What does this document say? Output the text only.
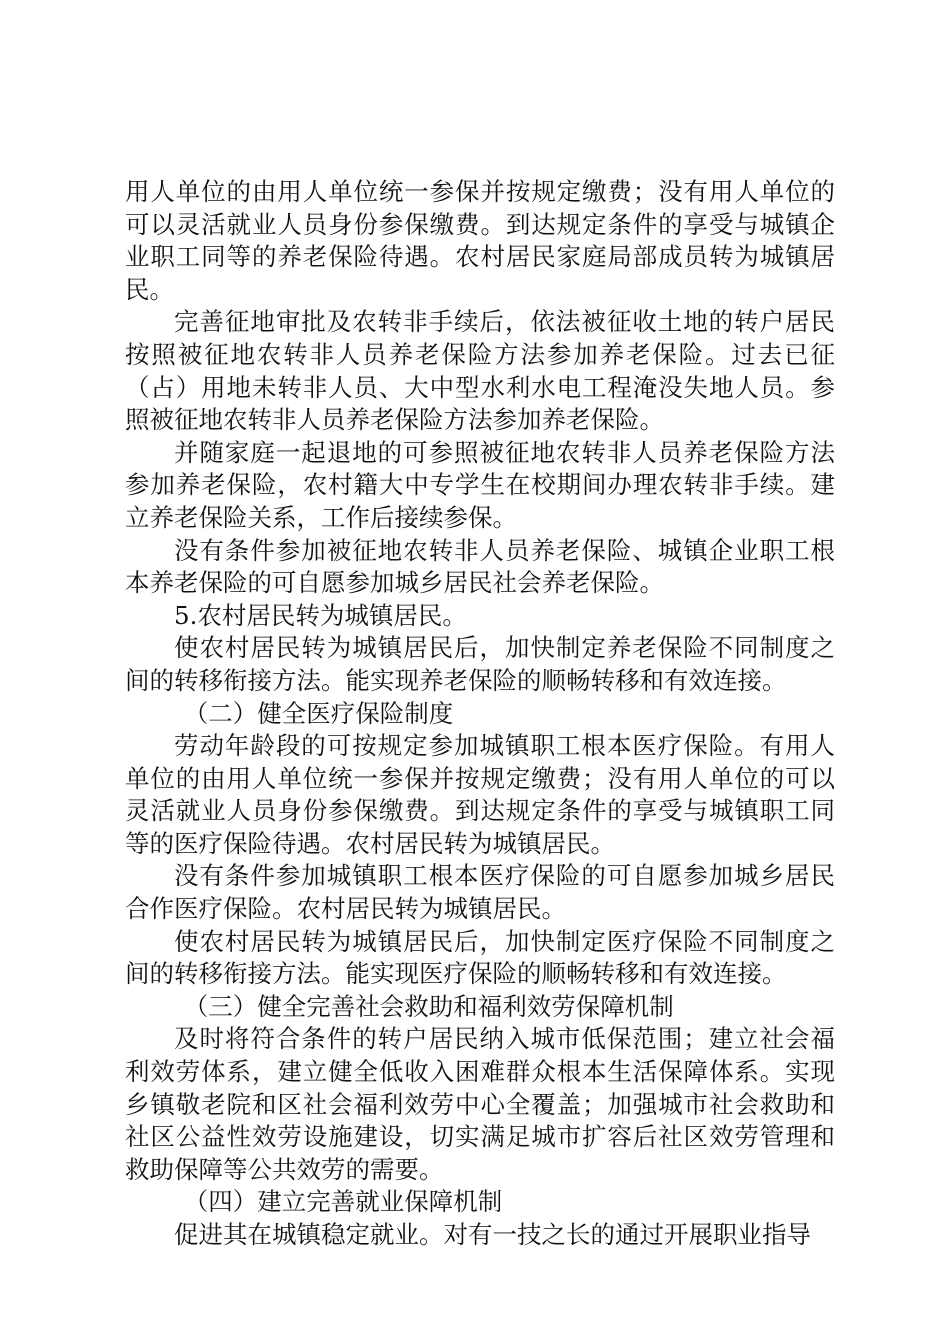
用人单位的由用人单位统一参保并按规定缴费；没有用人单位的可以灵活就业人员身份参保缴费。到达规定条件的享受与城镇企业职工同等的养老保险待遇。农村居民家庭局部成员转为城镇居民。

完善征地审批及农转非手续后，依法被征收土地的转户居民按照被征地农转非人员养老保险方法参加养老保险。过去已征（占）用地未转非人员、大中型水利水电工程淹没失地人员。参照被征地农转非人员养老保险方法参加养老保险。

并随家庭一起退地的可参照被征地农转非人员养老保险方法参加养老保险，农村籍大中专学生在校期间办理农转非手续。建立养老保险关系，工作后接续参保。

没有条件参加被征地农转非人员养老保险、城镇企业职工根本养老保险的可自愿参加城乡居民社会养老保险。

5.农村居民转为城镇居民。

使农村居民转为城镇居民后，加快制定养老保险不同制度之间的转移衔接方法。能实现养老保险的顺畅转移和有效连接。

（二）健全医疗保险制度

劳动年龄段的可按规定参加城镇职工根本医疗保险。有用人单位的由用人单位统一参保并按规定缴费；没有用人单位的可以灵活就业人员身份参保缴费。到达规定条件的享受与城镇职工同等的医疗保险待遇。农村居民转为城镇居民。

没有条件参加城镇职工根本医疗保险的可自愿参加城乡居民合作医疗保险。农村居民转为城镇居民。

使农村居民转为城镇居民后，加快制定医疗保险不同制度之间的转移衔接方法。能实现医疗保险的顺畅转移和有效连接。

（三）健全完善社会救助和福利效劳保障机制

及时将符合条件的转户居民纳入城市低保范围；建立社会福利效劳体系，建立健全低收入困难群众根本生活保障体系。实现乡镇敬老院和区社会福利效劳中心全覆盖；加强城市社会救助和社区公益性效劳设施建设，切实满足城市扩容后社区效劳管理和救助保障等公共效劳的需要。

（四）建立完善就业保障机制

促进其在城镇稳定就业。对有一技之长的通过开展职业指导
